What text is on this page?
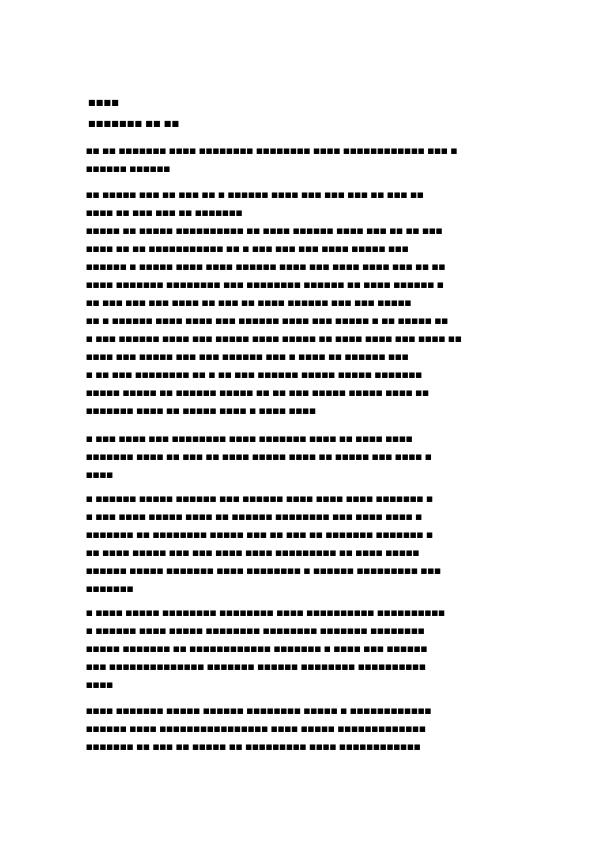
■■■■
■■■■■■■ ■■ ■■
■■ ■■ ■■■■■■■ ■■■■ ■■■■■■■■ ■■■■■■■■ ■■■■ ■■■■■■■■■■■■ ■■■ ■
■■■■■■ ■■■■■■
■■ ■■■■■ ■■■ ■■ ■■■ ■■ ■ ■■■■■■ ■■■■ ■■■ ■■■ ■■■ ■■ ■■■ ■■
■■■■ ■■ ■■■ ■■■ ■■ ■■■■■■■
■■■■■ ■■ ■■■■■ ■■■■■■■■■■ ■■ ■■■■ ■■■■■■ ■■■■ ■■■ ■■ ■■ ■■■
■■■■ ■■ ■■ ■■■■■■■■■■■ ■■ ■ ■■■ ■■■ ■■■ ■■■■ ■■■■■ ■■■
■■■■■■ ■ ■■■■■ ■■■■ ■■■■ ■■■■■■ ■■■■ ■■■ ■■■■ ■■■■ ■■■ ■■ ■■
■■■■ ■■■■■■■ ■■■■■■■■ ■■■ ■■■■■■■■ ■■■■■■ ■■ ■■■■ ■■■■■■ ■
■■ ■■■ ■■■ ■■■ ■■■■ ■■ ■■■ ■■ ■■■■ ■■■■■■ ■■■ ■■■ ■■■■■
■■ ■ ■■■■■■ ■■■■ ■■■■ ■■■ ■■■■■■ ■■■■ ■■■ ■■■■■ ■ ■■ ■■■■■ ■■
■ ■■■ ■■■■■■ ■■■■ ■■■ ■■■■■ ■■■■ ■■■■■ ■■ ■■■■ ■■■■ ■■■ ■■■■ ■■
■■■■ ■■■ ■■■■■ ■■■ ■■■ ■■■■■■ ■■■ ■ ■■■■ ■■ ■■■■■■ ■■■
■ ■■ ■■■ ■■■■■■■■ ■■ ■ ■■ ■■■ ■■■■■■ ■■■■■ ■■■■■ ■■■■■■■
■■■■■ ■■■■■ ■■ ■■■■■■ ■■■■■ ■■ ■■ ■■■ ■■■■■ ■■■■■ ■■■■ ■■
■■■■■■■ ■■■■ ■■ ■■■■■ ■■■■ ■ ■■■■ ■■■■
■ ■■■ ■■■■ ■■■ ■■■■■■■■ ■■■■ ■■■■■■■ ■■■■ ■■ ■■■■ ■■■■
■■■■■■■ ■■■■ ■■ ■■■ ■■ ■■■■ ■■■■■ ■■■■ ■■ ■■■■■ ■■■ ■■■■ ■
■■■■
■ ■■■■■■ ■■■■■ ■■■■■■ ■■■ ■■■■■■ ■■■■ ■■■■ ■■■■ ■■■■■■■ ■
■ ■■■ ■■■■ ■■■■■ ■■■■ ■■ ■■■■■■ ■■■■■■■■ ■■■ ■■■■ ■■■■ ■
■■■■■■■ ■■ ■■■■■■■■ ■■■■■ ■■■ ■■ ■■■ ■■ ■■■■■■■ ■■■■■■■ ■
■■ ■■■■ ■■■■■ ■■■ ■■■ ■■■■ ■■■■ ■■■■■■■■■ ■■ ■■■■ ■■■■■
■■■■■■ ■■■■■ ■■■■■■■ ■■■■ ■■■■■■■■ ■ ■■■■■■ ■■■■■■■■■ ■■■
■■■■■■■
■ ■■■■ ■■■■■ ■■■■■■■■ ■■■■■■■■ ■■■■ ■■■■■■■■■■ ■■■■■■■■■■
■ ■■■■■■ ■■■■ ■■■■■ ■■■■■■■■ ■■■■■■■■ ■■■■■■■ ■■■■■■■■
■■■■■ ■■■■■■■ ■■ ■■■■■■■■■■■■ ■■■■■■■ ■ ■■■■ ■■■ ■■■■■■
■■■ ■■■■■■■■■■■■■■ ■■■■■■■ ■■■■■■ ■■■■■■■■ ■■■■■■■■■■
■■■■
■■■■ ■■■■■■■ ■■■■■ ■■■■■■ ■■■■■■■■ ■■■■■ ■ ■■■■■■■■■■■■
■■■■■■ ■■■■ ■■■■■■■■■■■■■■■■ ■■■■ ■■■■■ ■■■■■■■■■■■■■
■■■■■■■ ■■ ■■■ ■■ ■■■■■ ■■ ■■■■■■■■■ ■■■■ ■■■■■■■■■■■■
